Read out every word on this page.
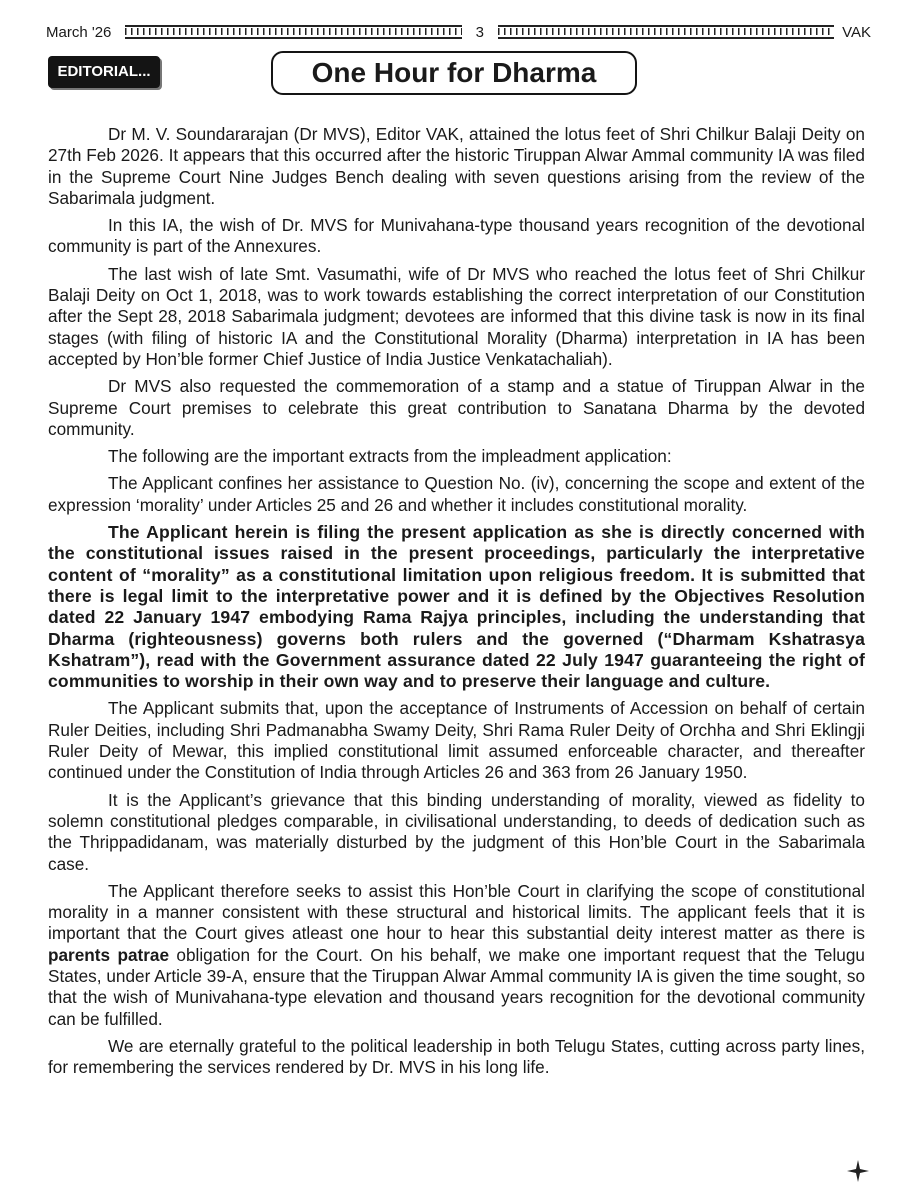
March '26	3	VAK
EDITORIAL...	One Hour for Dharma

Dr M. V. Soundararajan (Dr MVS), Editor VAK, attained the lotus feet of Shri Chilkur Balaji Deity on 27th Feb 2026. It appears that this occurred after the historic Tiruppan Alwar Ammal community IA was filed in the Supreme Court Nine Judges Bench dealing with seven questions arising from the review of the Sabarimala judgment.

In this IA, the wish of Dr. MVS for Munivahana-type thousand years recognition of the devotional community is part of the Annexures.

The last wish of late Smt. Vasumathi, wife of Dr MVS who reached the lotus feet of Shri Chilkur Balaji Deity on Oct 1, 2018, was to work towards establishing the correct interpretation of our Constitution after the Sept 28, 2018 Sabarimala judgment; devotees are informed that this divine task is now in its final stages (with filing of historic IA and the Constitutional Morality (Dharma) interpretation in IA has been accepted by Hon’ble former Chief Justice of India Justice Venkatachaliah).

Dr MVS also requested the commemoration of a stamp and a statue of Tiruppan Alwar in the Supreme Court premises to celebrate this great contribution to Sanatana Dharma by the devoted community.

The following are the important extracts from the impleadment application:

The Applicant confines her assistance to Question No. (iv), concerning the scope and extent of the expression ‘morality’ under Articles 25 and 26 and whether it includes constitutional morality.

The Applicant herein is filing the present application as she is directly concerned with the constitutional issues raised in the present proceedings, particularly the interpretative content of “morality” as a constitutional limitation upon religious freedom. It is submitted that there is legal limit to the interpretative power and it is defined by the Objectives Resolution dated 22 January 1947 embodying Rama Rajya principles, including the understanding that Dharma (righteousness) governs both rulers and the governed (“Dharmam Kshatrasya Kshatram”), read with the Government assurance dated 22 July 1947 guaranteeing the right of communities to worship in their own way and to preserve their language and culture.

The Applicant submits that, upon the acceptance of Instruments of Accession on behalf of certain Ruler Deities, including Shri Padmanabha Swamy Deity, Shri Rama Ruler Deity of Orchha and Shri Eklingji Ruler Deity of Mewar, this implied constitutional limit assumed enforceable character, and thereafter continued under the Constitution of India through Articles 26 and 363 from 26 January 1950.

It is the Applicant’s grievance that this binding understanding of morality, viewed as fidelity to solemn constitutional pledges comparable, in civilisational understanding, to deeds of dedication such as the Thrippadidanam, was materially disturbed by the judgment of this Hon’ble Court in the Sabarimala case.

The Applicant therefore seeks to assist this Hon’ble Court in clarifying the scope of constitutional morality in a manner consistent with these structural and historical limits. The applicant feels that it is important that the Court gives atleast one hour to hear this substantial deity interest matter as there is parents patrae obligation for the Court. On his behalf, we make one important request that the Telugu States, under Article 39-A, ensure that the Tiruppan Alwar Ammal community IA is given the time sought, so that the wish of Munivahana-type elevation and thousand years recognition for the devotional community can be fulfilled.

We are eternally grateful to the political leadership in both Telugu States, cutting across party lines, for remembering the services rendered by Dr. MVS in his long life.
